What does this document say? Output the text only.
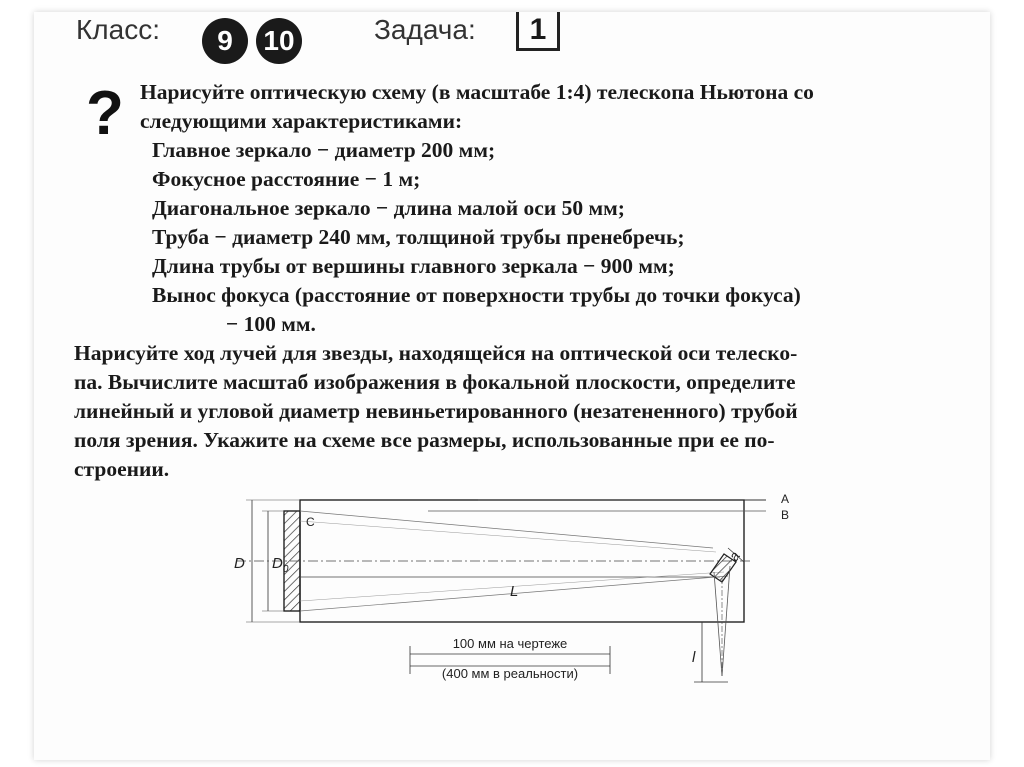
Класс:	9	10	Задача:	1
? Нарисуйте оптическую схему (в масштабе 1:4) телескопа Ньютона со
следующими характеристиками:
Главное зеркало − диаметр 200 мм;
Фокусное расстояние − 1 м;
Диагональное зеркало − длина малой оси 50 мм;
Труба − диаметр 240 мм, толщиной трубы пренебречь;
Длина трубы от вершины главного зеркала − 900 мм;
Вынос фокуса (расстояние от поверхности трубы до точки фокуса)
− 100 мм.
Нарисуйте ход лучей для звезды, находящейся на оптической оси телеско-
па. Вычислите масштаб изображения в фокальной плоскости, определите
линейный и угловой диаметр невиньетированного (незатененного) трубой
поля зрения. Укажите на схеме все размеры, использованные при ее по-
строении.
A
B
C
D $D_0$
L
a
l
100 мм на чертеже
(400 мм в реальности)
